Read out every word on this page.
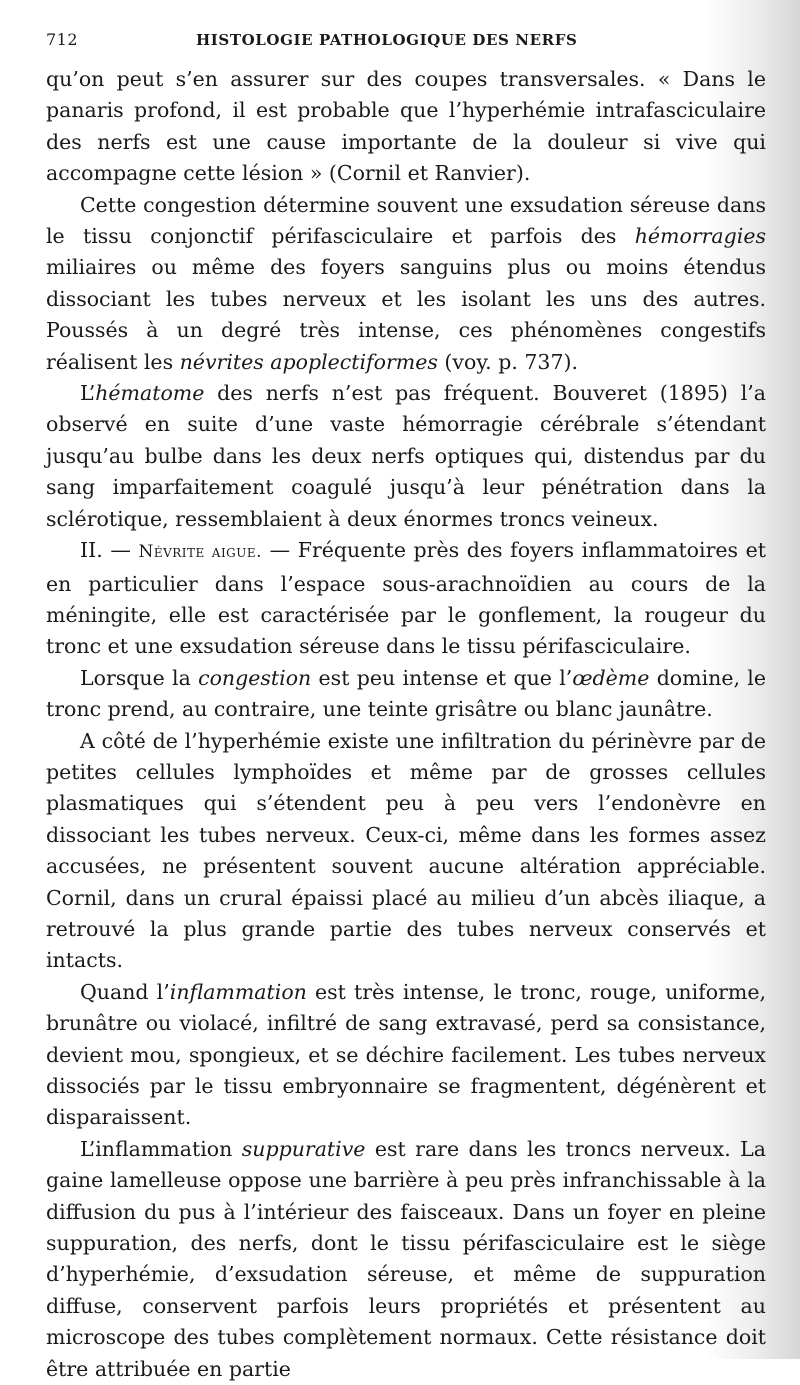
712	HISTOLOGIE PATHOLOGIQUE DES NERFS

qu’on peut s’en assurer sur des coupes transversales. « Dans le panaris profond, il est probable que l’hyperhémie intrafasciculaire des nerfs est une cause importante de la douleur si vive qui accompagne cette lésion » (Cornil et Ranvier).

Cette congestion détermine souvent une exsudation séreuse dans le tissu conjonctif périfasciculaire et parfois des hémorragies miliaires ou même des foyers sanguins plus ou moins étendus dissociant les tubes nerveux et les isolant les uns des autres. Poussés à un degré très intense, ces phénomènes congestifs réalisent les névrites apoplectiformes (voy. p. 737).

L’hématome des nerfs n’est pas fréquent. Bouveret (1895) l’a observé en suite d’une vaste hémorragie cérébrale s’étendant jusqu’au bulbe dans les deux nerfs optiques qui, distendus par du sang imparfaitement coagulé jusqu’à leur pénétration dans la sclérotique, ressemblaient à deux énormes troncs veineux.

II. — Névrite aigue. — Fréquente près des foyers inflammatoires et en particulier dans l’espace sous-arachnoïdien au cours de la méningite, elle est caractérisée par le gonflement, la rougeur du tronc et une exsudation séreuse dans le tissu périfasciculaire.

Lorsque la congestion est peu intense et que l’œdème domine, le tronc prend, au contraire, une teinte grisâtre ou blanc jaunâtre.

A côté de l’hyperhémie existe une infiltration du périnèvre par de petites cellules lymphoïdes et même par de grosses cellules plasmatiques qui s’étendent peu à peu vers l’endonèvre en dissociant les tubes nerveux. Ceux-ci, même dans les formes assez accusées, ne présentent souvent aucune altération appréciable. Cornil, dans un crural épaissi placé au milieu d’un abcès iliaque, a retrouvé la plus grande partie des tubes nerveux conservés et intacts.

Quand l’inflammation est très intense, le tronc, rouge, uniforme, brunâtre ou violacé, infiltré de sang extravasé, perd sa consistance, devient mou, spongieux, et se déchire facilement. Les tubes nerveux dissociés par le tissu embryonnaire se fragmentent, dégénèrent et disparaissent.

L’inflammation suppurative est rare dans les troncs nerveux. La gaine lamelleuse oppose une barrière à peu près infranchissable à la diffusion du pus à l’intérieur des faisceaux. Dans un foyer en pleine suppuration, des nerfs, dont le tissu périfasciculaire est le siège d’hyperhémie, d’exsudation séreuse, et même de suppuration diffuse, conservent parfois leurs propriétés et présentent au microscope des tubes complètement normaux. Cette résistance doit être attribuée en partie
